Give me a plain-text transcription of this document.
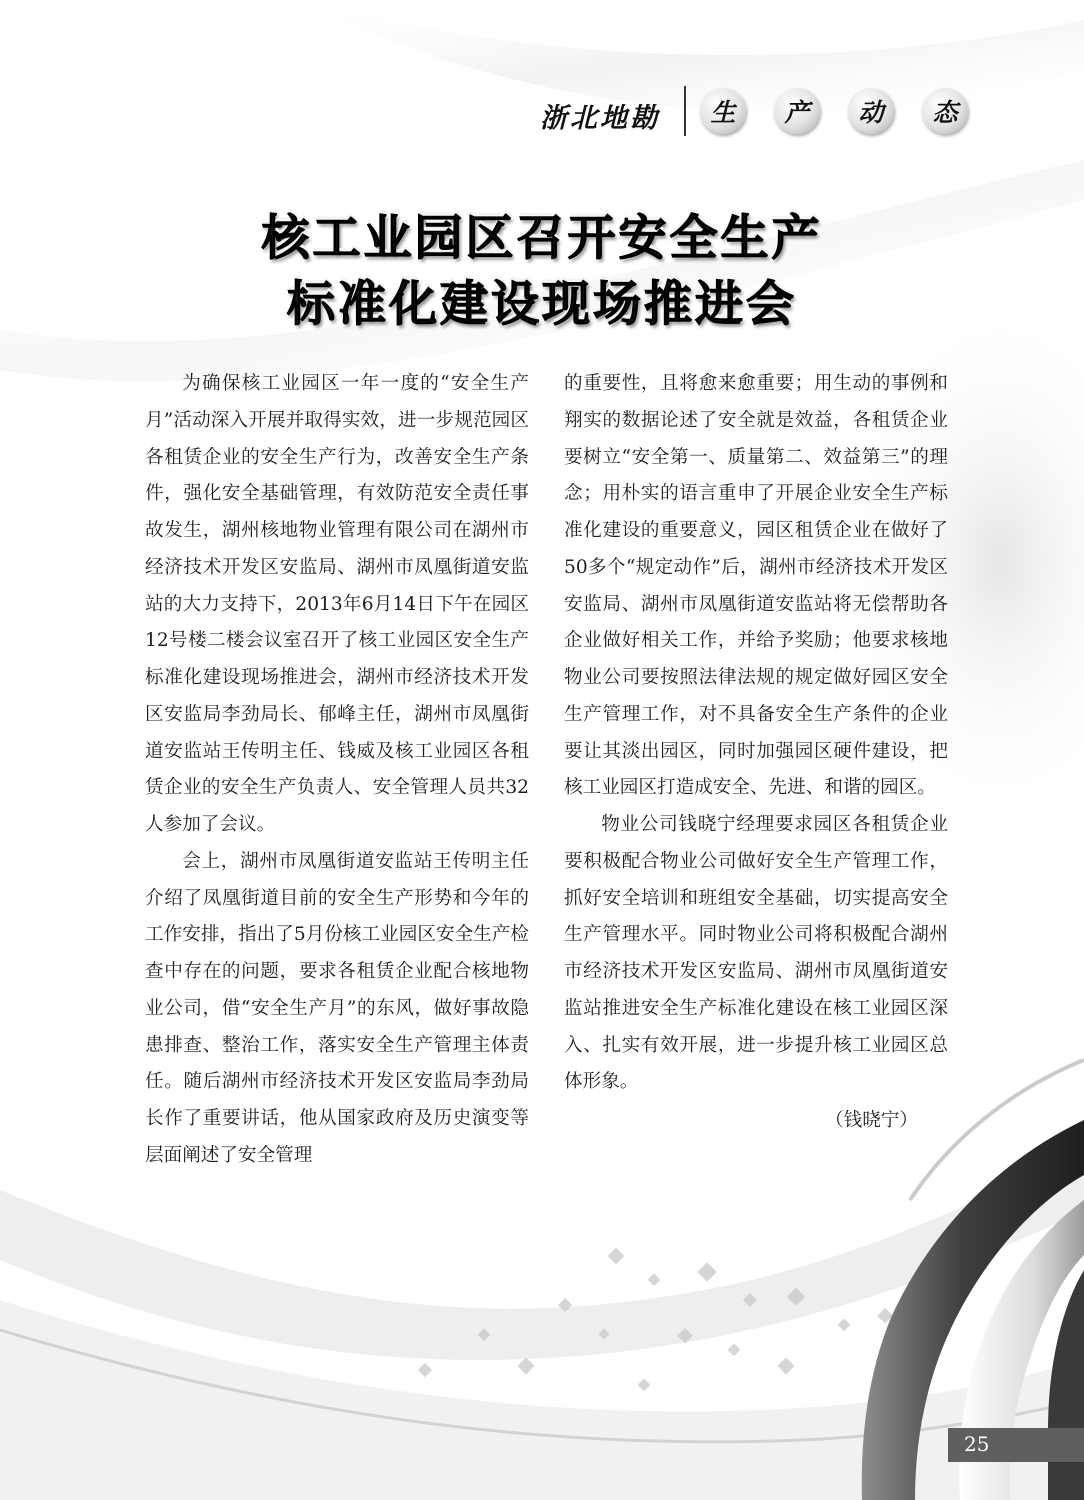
浙北地勘	生	产	动	态
核工业园区召开安全生产
标准化建设现场推进会

为确保核工业园区一年一度的“安全生产月”活动深入开展并取得实效，进一步规范园区各租赁企业的安全生产行为，改善安全生产条件，强化安全基础管理，有效防范安全责任事故发生，湖州核地物业管理有限公司在湖州市经济技术开发区安监局、湖州市凤凰街道安监站的大力支持下，2013年6月14日下午在园区12号楼二楼会议室召开了核工业园区安全生产标准化建设现场推进会，湖州市经济技术开发区安监局李劲局长、郁峰主任，湖州市凤凰街道安监站王传明主任、钱威及核工业园区各租赁企业的安全生产负责人、安全管理人员共32人参加了会议。

会上，湖州市凤凰街道安监站王传明主任介绍了凤凰街道目前的安全生产形势和今年的工作安排，指出了5月份核工业园区安全生产检查中存在的问题，要求各租赁企业配合核地物业公司，借“安全生产月”的东风，做好事故隐患排查、整治工作，落实安全生产管理主体责任。随后湖州市经济技术开发区安监局李劲局长作了重要讲话，他从国家政府及历史演变等层面阐述了安全管理

的重要性，且将愈来愈重要；用生动的事例和翔实的数据论述了安全就是效益，各租赁企业要树立“安全第一、质量第二、效益第三”的理念；用朴实的语言重申了开展企业安全生产标准化建设的重要意义，园区租赁企业在做好了50多个“规定动作”后，湖州市经济技术开发区安监局、湖州市凤凰街道安监站将无偿帮助各企业做好相关工作，并给予奖励；他要求核地物业公司要按照法律法规的规定做好园区安全生产管理工作，对不具备安全生产条件的企业要让其淡出园区，同时加强园区硬件建设，把核工业园区打造成安全、先进、和谐的园区。

物业公司钱晓宁经理要求园区各租赁企业要积极配合物业公司做好安全生产管理工作，抓好安全培训和班组安全基础，切实提高安全生产管理水平。同时物业公司将积极配合湖州市经济技术开发区安监局、湖州市凤凰街道安监站推进安全生产标准化建设在核工业园区深入、扎实有效开展，进一步提升核工业园区总体形象。

（钱晓宁）
25
